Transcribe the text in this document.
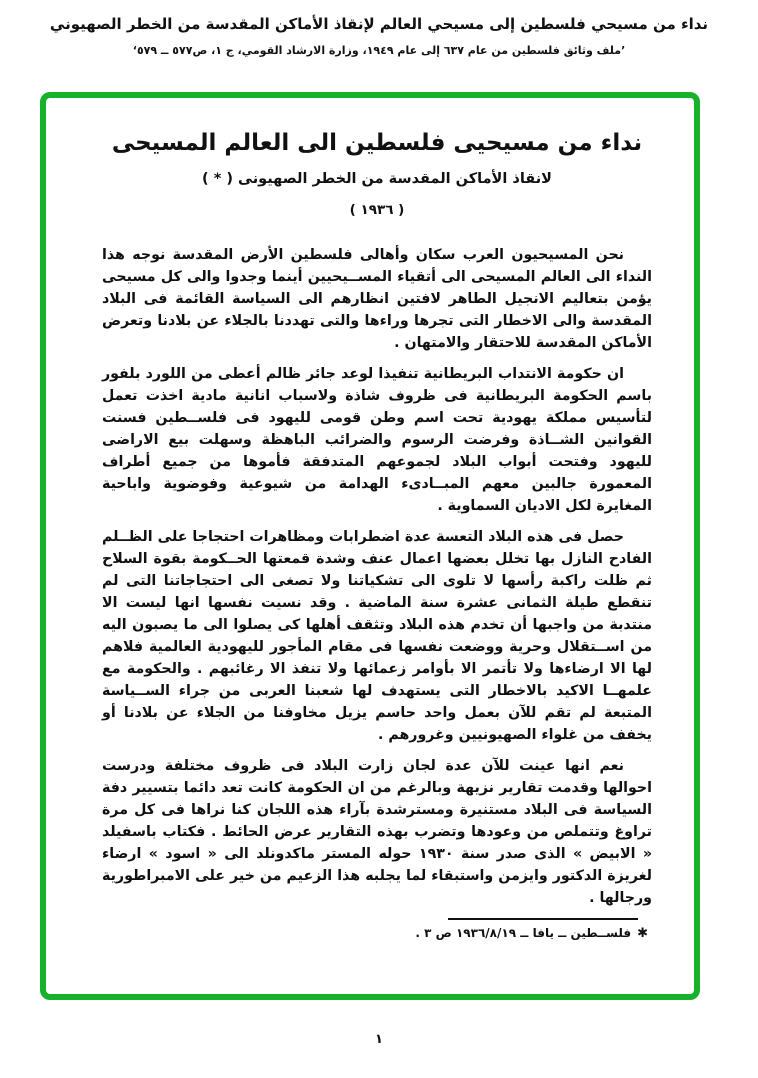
نداء من مسيحي فلسطين إلى مسيحي العالم لإنقاذ الأماكن المقدسة من الخطر الصهيوني
’ملف وثائق فلسطين من عام ٦٣٧ إلى عام ١٩٤٩، وزارة الارشاد القومي، ج ١، ص٥٧٧ ــ ٥٧٩‘
نداء من مسيحيى فلسطين الى العالم المسيحى
لانقاذ الأماكن المقدسة من الخطر الصهيونى ( * )
( ١٩٣٦ )

نحن المسيحيون العرب سكان وأهالى فلسطين الأرض المقدسة نوجه هذا النداء الى العالم المسيحى الى أتقياء المســيحيين أينما وجدوا والى كل مسيحى يؤمن بتعاليم الانجيل الطاهر لافتين انظارهم الى السياسة القائمة فى البلاد المقدسة والى الاخطار التى تجرها وراءها والتى تهددنا بالجلاء عن بلادنا وتعرض الأماكن المقدسة للاحتقار والامتهان .

ان حكومة الانتداب البريطانية تنفيذا لوعد جائر ظالم أعطى من اللورد بلفور باسم الحكومة البريطانية فى ظروف شاذة ولاسباب انانية مادية اخذت تعمل لتأسيس مملكة يهودية تحت اسم وطن قومى لليهود فى فلســطين فسنت القوانين الشــاذة وفرضت الرسوم والضرائب الباهظة وسهلت بيع الاراضى لليهود وفتحت أبواب البلاد لجموعهم المتدفقة فأموها من جميع أطراف المعمورة جالبين معهم المبــادىء الهدامة من شيوعية وفوضوية واباحية المغايرة لكل الاديان السماوية .

حصل فى هذه البلاد التعسة عدة اضطرابات ومظاهرات احتجاجا على الظــلم الفادح النازل بها تخلل بعضها اعمال عنف وشدة قمعتها الحــكومة بقوة السلاح ثم ظلت راكبة رأسها لا تلوى الى تشكياتنا ولا تصغى الى احتجاجاتنا التى لم تنقطع طيلة الثمانى عشرة سنة الماضية . وقد نسيت نفسها انها ليست الا منتدبة من واجبها أن تخدم هذه البلاد وتثقف أهلها كى يصلوا الى ما يصبون اليه من اســتقلال وحرية ووضعت نفسها فى مقام المأجور لليهودية العالمية فلاهم لها الا ارضاءها ولا تأتمر الا بأوامر زعمائها ولا تنفذ الا رغائبهم . والحكومة مع علمهــا الاكيد بالاخطار التى يستهدف لها شعبنا العربى من جراء الســياسة المتبعة لم تقم للآن بعمل واحد حاسم يزيل مخاوفنا من الجلاء عن بلادنا أو يخفف من غلواء الصهيونيين وغرورهم .

نعم انها عينت للآن عدة لجان زارت البلاد فى ظروف مختلفة ودرست احوالها وقدمت تقارير نزيهة وبالرغم من ان الحكومة كانت تعد دائما بتسيير دفة السياسة فى البلاد مستنيرة ومسترشدة بآراء هذه اللجان كنا نراها فى كل مرة تراوغ وتتملص من وعودها وتضرب بهذه التقارير عرض الحائط . فكتاب باسفيلد « الابيض » الذى صدر سنة ١٩٣٠ حوله المستر ماكدونلد الى « اسود » ارضاء لغريزة الدكتور وايزمن واستبقاء لما يجلبه هذا الزعيم من خير على الامبراطورية ورجالها .

✱فلســطين ــ يافا ــ ١٩٣٦/٨/١٩ ص ٣ .
١
